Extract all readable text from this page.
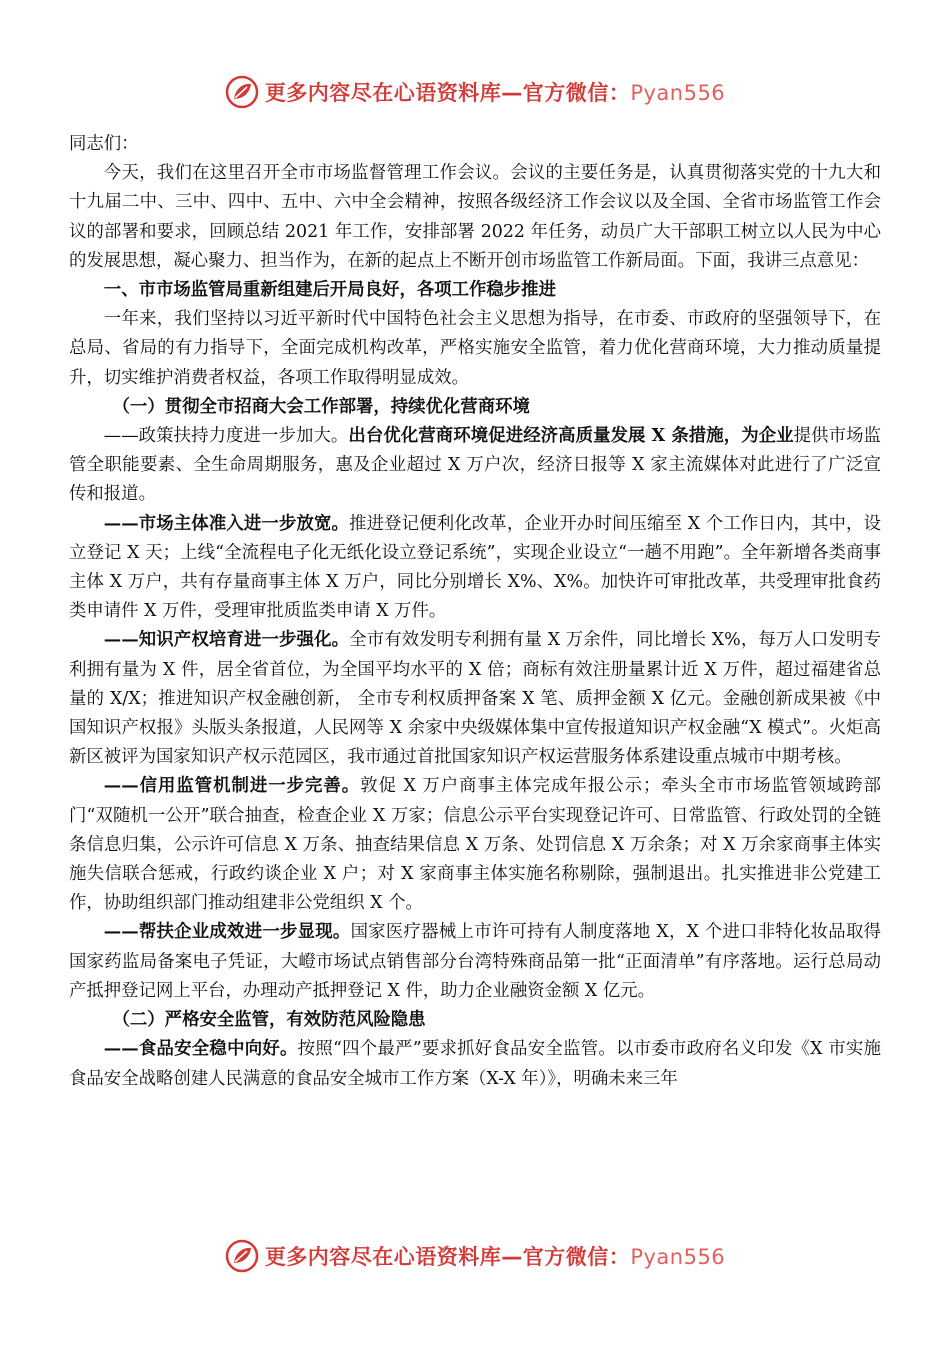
更多内容尽在心语资料库—官方微信：Pyan556

同志们：

今天，我们在这里召开全市市场监督管理工作会议。会议的主要任务是，认真贯彻落实党的十九大和十九届二中、三中、四中、五中、六中全会精神，按照各级经济工作会议以及全国、全省市场监管工作会议的部署和要求，回顾总结 2021 年工作，安排部署 2022 年任务，动员广大干部职工树立以人民为中心的发展思想，凝心聚力、担当作为，在新的起点上不断开创市场监管工作新局面。下面，我讲三点意见：

一、市市场监管局重新组建后开局良好，各项工作稳步推进

一年来，我们坚持以习近平新时代中国特色社会主义思想为指导，在市委、市政府的坚强领导下，在总局、省局的有力指导下，全面完成机构改革，严格实施安全监管，着力优化营商环境，大力推动质量提升，切实维护消费者权益，各项工作取得明显成效。

（一）贯彻全市招商大会工作部署，持续优化营商环境

——政策扶持力度进一步加大。出台优化营商环境促进经济高质量发展 X 条措施，为企业提供市场监管全职能要素、全生命周期服务，惠及企业超过 X 万户次，经济日报等 X 家主流媒体对此进行了广泛宣传和报道。

——市场主体准入进一步放宽。推进登记便利化改革，企业开办时间压缩至 X 个工作日内，其中，设立登记 X 天；上线“全流程电子化无纸化设立登记系统”，实现企业设立“一趟不用跑”。全年新增各类商事主体 X 万户，共有存量商事主体 X 万户，同比分别增长 X%、X%。加快许可审批改革，共受理审批食药类申请件 X 万件，受理审批质监类申请 X 万件。

——知识产权培育进一步强化。全市有效发明专利拥有量 X 万余件，同比增长 X%，每万人口发明专利拥有量为 X 件，居全省首位，为全国平均水平的 X 倍；商标有效注册量累计近 X 万件，超过福建省总量的 X/X；推进知识产权金融创新， 全市专利权质押备案 X 笔、质押金额 X 亿元。金融创新成果被《中国知识产权报》头版头条报道，人民网等 X 余家中央级媒体集中宣传报道知识产权金融“X 模式”。火炬高新区被评为国家知识产权示范园区，我市通过首批国家知识产权运营服务体系建设重点城市中期考核。

——信用监管机制进一步完善。敦促 X 万户商事主体完成年报公示；牵头全市市场监管领域跨部门“双随机一公开”联合抽查，检查企业 X 万家；信息公示平台实现登记许可、日常监管、行政处罚的全链条信息归集，公示许可信息 X 万条、抽查结果信息 X 万条、处罚信息 X 万余条；对 X 万余家商事主体实施失信联合惩戒，行政约谈企业 X 户；对 X 家商事主体实施名称剔除，强制退出。扎实推进非公党建工作，协助组织部门推动组建非公党组织 X 个。

——帮扶企业成效进一步显现。国家医疗器械上市许可持有人制度落地 X，X 个进口非特化妆品取得国家药监局备案电子凭证，大嶝市场试点销售部分台湾特殊商品第一批“正面清单”有序落地。运行总局动产抵押登记网上平台，办理动产抵押登记 X 件，助力企业融资金额 X 亿元。

（二）严格安全监管，有效防范风险隐患

——食品安全稳中向好。按照“四个最严”要求抓好食品安全监管。以市委市政府名义印发《X 市实施食品安全战略创建人民满意的食品安全城市工作方案（X-X 年）》，明确未来三年

更多内容尽在心语资料库—官方微信：Pyan556
